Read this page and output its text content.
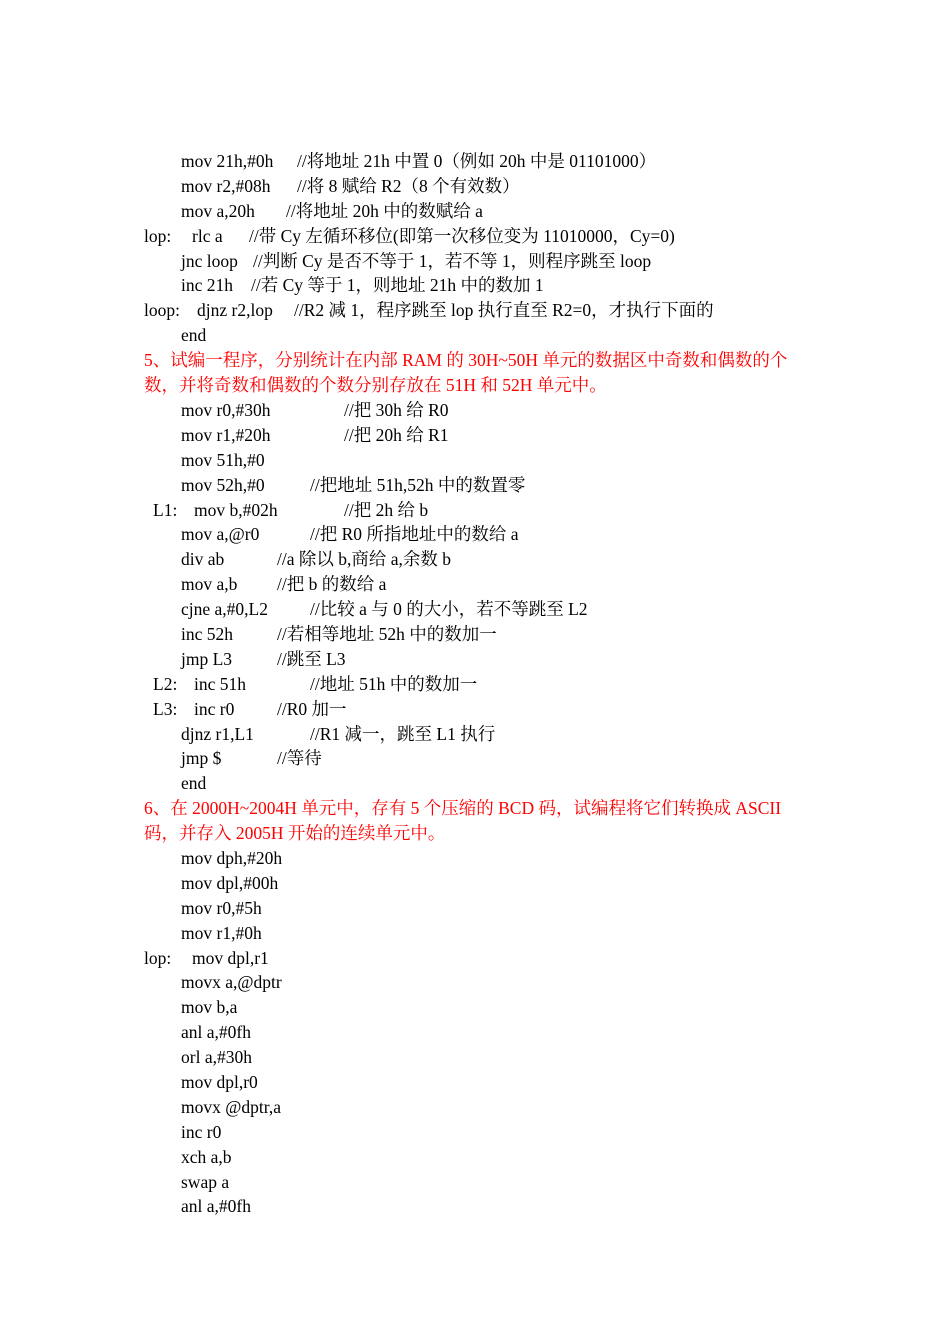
mov 21h,#0h

//将地址 21h 中置 0（例如 20h 中是 01101000）

mov r2,#08h

//将 8 赋给 R2（8 个有效数）

mov a,20h

//将地址 20h 中的数赋给 a

lop:

rlc a

//带 Cy 左循环移位(即第一次移位变为 11010000，Cy=0)

jnc loop

//判断 Cy 是否不等于 1，若不等 1，则程序跳至 loop

inc 21h

//若 Cy 等于 1，则地址 21h 中的数加 1

loop:

djnz r2,lop

//R2 减 1，程序跳至 lop 执行直至 R2=0，才执行下面的

end

5、试编一程序，分别统计在内部 RAM 的 30H~50H 单元的数据区中奇数和偶数的个数，并将奇数和偶数的个数分别存放在 51H 和 52H 单元中。

mov r0,#30h

	//把 30h 给 R0

mov r1,#20h

	//把 20h 给 R1

mov 51h,#0

mov 52h,#0

	//把地址 51h,52h 中的数置零

L1:

mov b,#02h

	//把 2h 给 b

mov a,@r0

	//把 R0 所指地址中的数给 a

div ab

	//a 除以 b,商给 a,余数 b

mov a,b

//把 b 的数给 a

cjne a,#0,L2

//比较 a 与 0 的大小，若不等跳至 L2

inc 52h

	//若相等地址 52h 中的数加一

jmp L3

	//跳至 L3

L2:

inc 51h

	//地址 51h 中的数加一

L3:

inc r0

//R0 加一

djnz r1,L1

	//R1 减一，跳至 L1 执行

jmp $

	//等待

end

6、在 2000H~2004H 单元中，存有 5 个压缩的 BCD 码，试编程将它们转换成 ASCII 码，并存入 2005H 开始的连续单元中。

mov dph,#20h

mov dpl,#00h

mov r0,#5h

mov r1,#0h

lop:

mov dpl,r1

movx a,@dptr

mov b,a

anl a,#0fh

orl a,#30h

mov dpl,r0

movx @dptr,a

inc r0

xch a,b

swap a

anl a,#0fh
